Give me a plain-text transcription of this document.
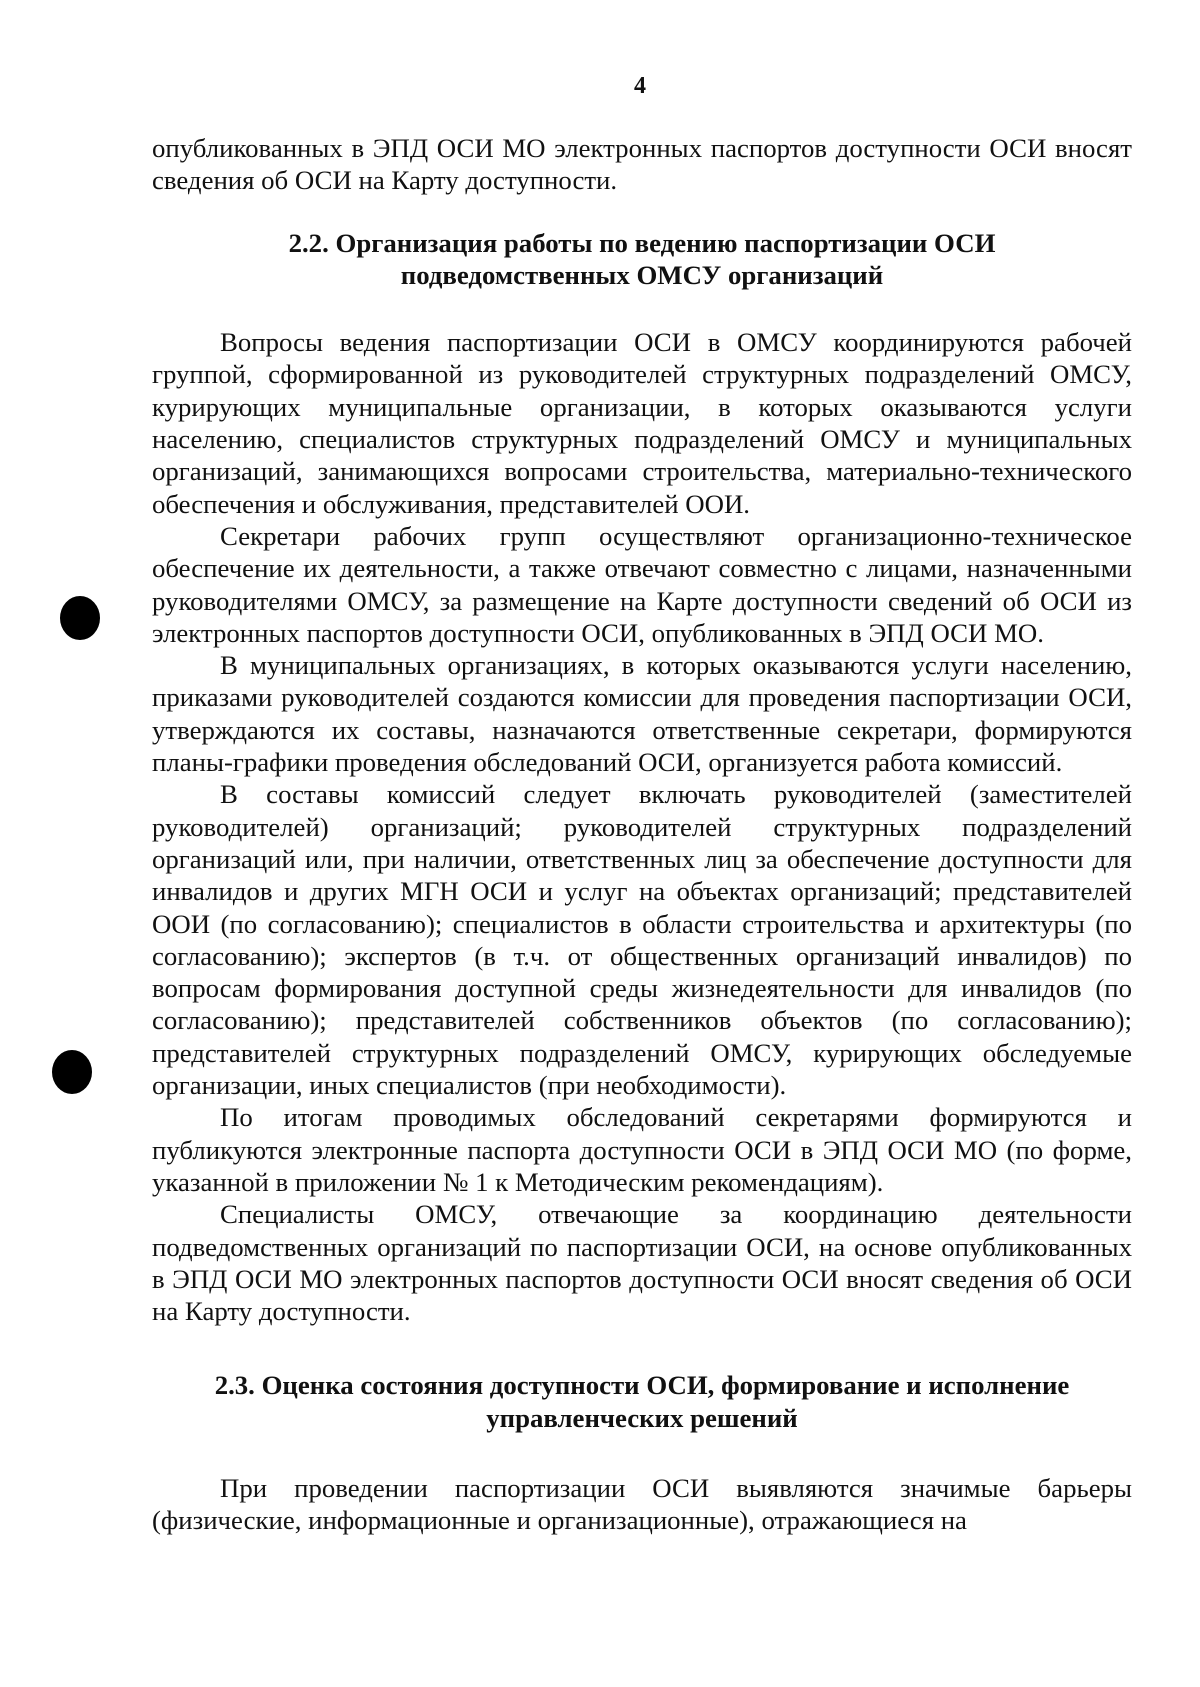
4

опубликованных в ЭПД ОСИ МО электронных паспортов доступности ОСИ вносят сведения об ОСИ на Карту доступности.

2.2. Организация работы по ведению паспортизации ОСИ
подведомственных ОМСУ организаций

Вопросы ведения паспортизации ОСИ в ОМСУ координируются рабочей группой, сформированной из руководителей структурных подразделений ОМСУ, курирующих муниципальные организации, в которых оказываются услуги населению, специалистов структурных подразделений ОМСУ и муниципальных организаций, занимающихся вопросами строительства, материально-технического обеспечения и обслуживания, представителей ООИ.

Секретари рабочих групп осуществляют организационно-техническое обеспечение их деятельности, а также отвечают совместно с лицами, назначенными руководителями ОМСУ, за размещение на Карте доступности сведений об ОСИ из электронных паспортов доступности ОСИ, опубликованных в ЭПД ОСИ МО.

В муниципальных организациях, в которых оказываются услуги населению, приказами руководителей создаются комиссии для проведения паспортизации ОСИ, утверждаются их составы, назначаются ответственные секретари, формируются планы-графики проведения обследований ОСИ, организуется работа комиссий.

В составы комиссий следует включать руководителей (заместителей руководителей) организаций; руководителей структурных подразделений организаций или, при наличии, ответственных лиц за обеспечение доступности для инвалидов и других МГН ОСИ и услуг на объектах организаций; представителей ООИ (по согласованию); специалистов в области строительства и архитектуры (по согласованию); экспертов (в т.ч. от общественных организаций инвалидов) по вопросам формирования доступной среды жизнедеятельности для инвалидов (по согласованию); представителей собственников объектов (по согласованию); представителей структурных подразделений ОМСУ, курирующих обследуемые организации, иных специалистов (при необходимости).

По итогам проводимых обследований секретарями формируются и публикуются электронные паспорта доступности ОСИ в ЭПД ОСИ МО (по форме, указанной в приложении № 1 к Методическим рекомендациям).

Специалисты ОМСУ, отвечающие за координацию деятельности подведомственных организаций по паспортизации ОСИ, на основе опубликованных в ЭПД ОСИ МО электронных паспортов доступности ОСИ вносят сведения об ОСИ на Карту доступности.

2.3. Оценка состояния доступности ОСИ, формирование и исполнение
управленческих решений

При проведении паспортизации ОСИ выявляются значимые барьеры (физические, информационные и организационные), отражающиеся на
